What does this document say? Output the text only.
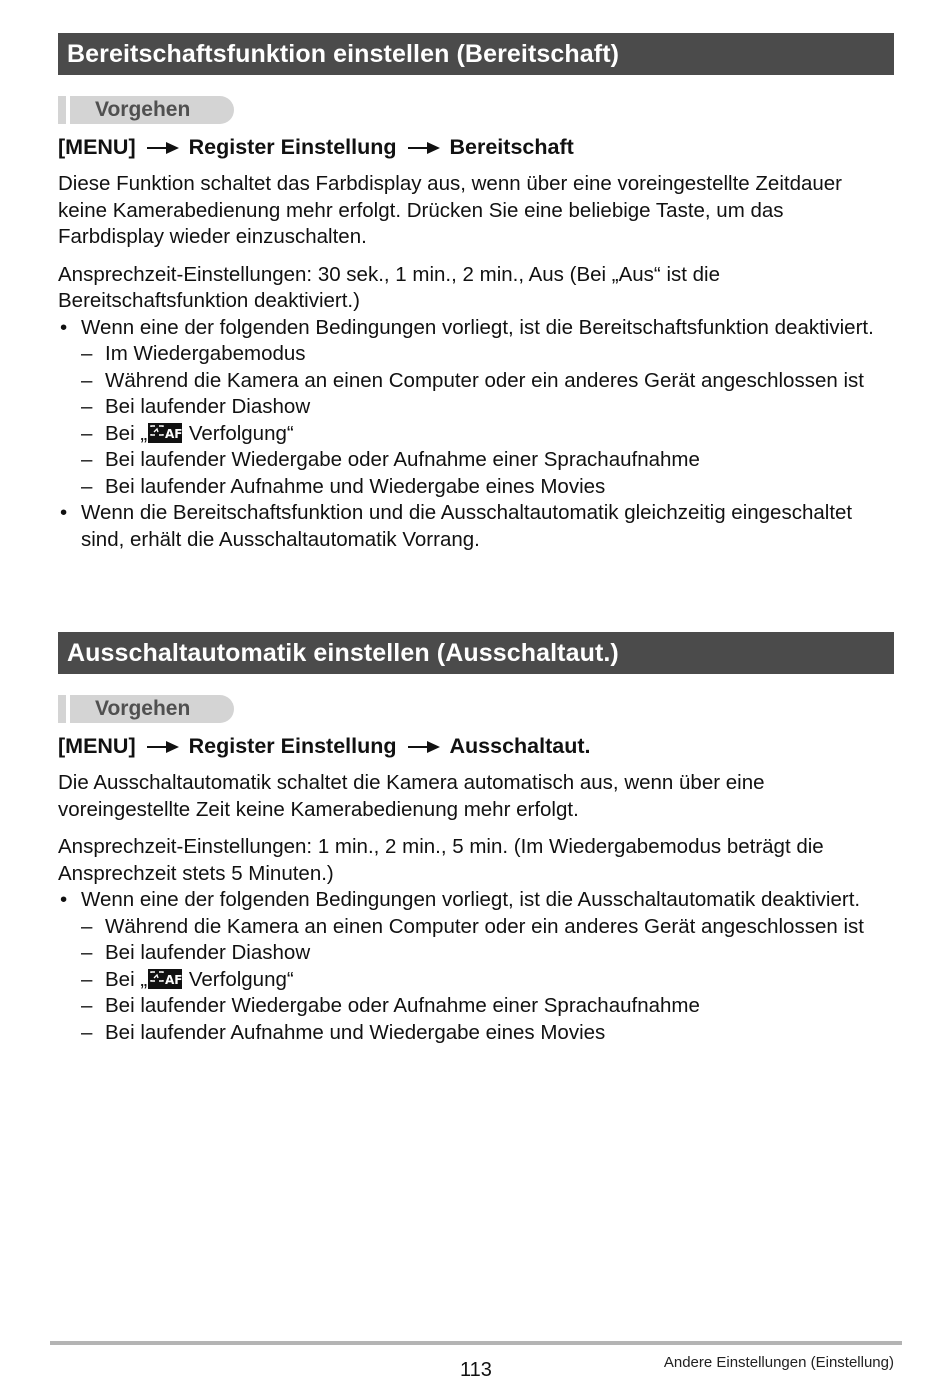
Bereitschaftsfunktion einstellen (Bereitschaft)
Vorgehen
[MENU] Register Einstellung Bereitschaft

Diese Funktion schaltet das Farbdisplay aus, wenn über eine voreingestellte Zeitdauer keine Kamerabedienung mehr erfolgt. Drücken Sie eine beliebige Taste, um das Farbdisplay wieder einzuschalten.

Ansprechzeit-Einstellungen: 30 sek., 1 min., 2 min., Aus (Bei „Aus“ ist die Bereitschaftsfunktion deaktiviert.)

• Wenn eine der folgenden Bedingungen vorliegt, ist die Bereitschaftsfunktion deaktiviert.
– Im Wiedergabemodus
– Während die Kamera an einen Computer oder ein anderes Gerät angeschlossen ist
– Bei laufender Diashow
– Bei „ AF Verfolgung“
– Bei laufender Wiedergabe oder Aufnahme einer Sprachaufnahme
– Bei laufender Aufnahme und Wiedergabe eines Movies
• Wenn die Bereitschaftsfunktion und die Ausschaltautomatik gleichzeitig eingeschaltet sind, erhält die Ausschaltautomatik Vorrang.
Ausschaltautomatik einstellen (Ausschaltaut.)
Vorgehen
[MENU] Register Einstellung Ausschaltaut.

Die Ausschaltautomatik schaltet die Kamera automatisch aus, wenn über eine voreingestellte Zeit keine Kamerabedienung mehr erfolgt.

Ansprechzeit-Einstellungen: 1 min., 2 min., 5 min. (Im Wiedergabemodus beträgt die Ansprechzeit stets 5 Minuten.)

• Wenn eine der folgenden Bedingungen vorliegt, ist die Ausschaltautomatik deaktiviert.
– Während die Kamera an einen Computer oder ein anderes Gerät angeschlossen ist
– Bei laufender Diashow
– Bei „ AF Verfolgung“
– Bei laufender Wiedergabe oder Aufnahme einer Sprachaufnahme
– Bei laufender Aufnahme und Wiedergabe eines Movies
113	Andere Einstellungen (Einstellung)
